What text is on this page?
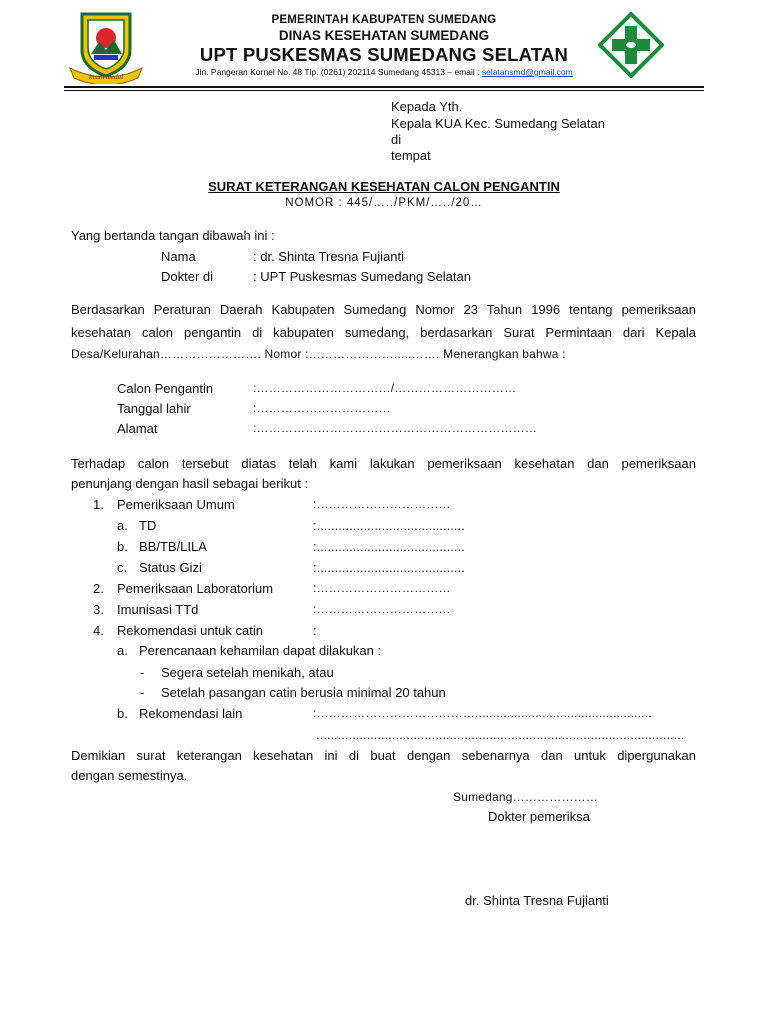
insun medal
PEMERINTAH KABUPATEN SUMEDANG
DINAS KESEHATAN SUMEDANG
UPT PUSKESMAS SUMEDANG SELATAN
Jln. Pangeran Kornel No. 48 Tlp. (0261) 202114 Sumedang 45313 – email : selatansmd@gmail.com
Kepada Yth.
Kepala KUA Kec. Sumedang Selatan
di
tempat
SURAT KETERANGAN KESEHATAN CALON PENGANTIN
NOMOR : 445/…../PKM/…../20…
Yang bertanda tangan dibawah ini :
Nama	: dr. Shinta Tresna Fujianti
Dokter di	: UPT Puskesmas Sumedang Selatan
Berdasarkan Peraturan Daerah Kabupaten Sumedang Nomor 23 Tahun 1996 tentang pemeriksaan
kesehatan calon pengantin di kabupaten sumedang, berdasarkan Surat Permintaan dari Kepala
Desa/Kelurahan……………………. Nomor :………………….....……. Menerangkan bahwa :
Calon Pengantin	:……………………………/…………………………
Tanggal lahir	:……………………………
Alamat	:……………………………………………………………
Terhadap calon tersebut diatas telah kami lakukan pemeriksaan kesehatan dan pemeriksaan
penunjang dengan hasil sebagai berikut :
1. Pemeriksaan Umum	:……………………………
a. TD	:.........................................
b. BB/TB/LILA	:.........................................
c. Status Gizi	:.........................................
2. Pemeriksaan Laboratorium	:……………………………
3. Imunisasi TTd	:……………………………
4. Rekomendasi untuk catin	:
a. Perencanaan kehamilan dapat dilakukan :
- Segera setelah menikah, atau
- Setelah pasangan catin berusia minimal 20 tahun
b. Rekomendasi lain	:…………………………………..................................................
......................................................................................................
Demikian surat keterangan kesehatan ini di buat dengan sebenarnya dan untuk dipergunakan
dengan semestinya.
Sumedang…………………
Dokter pemeriksa
dr. Shinta Tresna Fujianti
